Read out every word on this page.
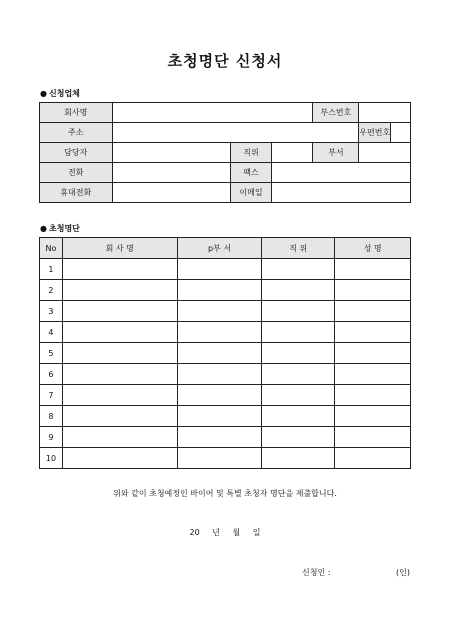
초청명단 신청서
● 신청업체
회사명				부스번호		
주소					우편번호	
담당자		직위		부서		
전화		팩스				
휴대전화		이메일				
● 초청명단
No	회 사 명	p부 서	직 위	성 명
1				
2				
3				
4				
5				
6				
7				
8				
9				
10				
위와 같이 초청예정인 바이어 및 특별 초청자 명단을 제출합니다.
20 년 월 일
신청인 :	(인)
